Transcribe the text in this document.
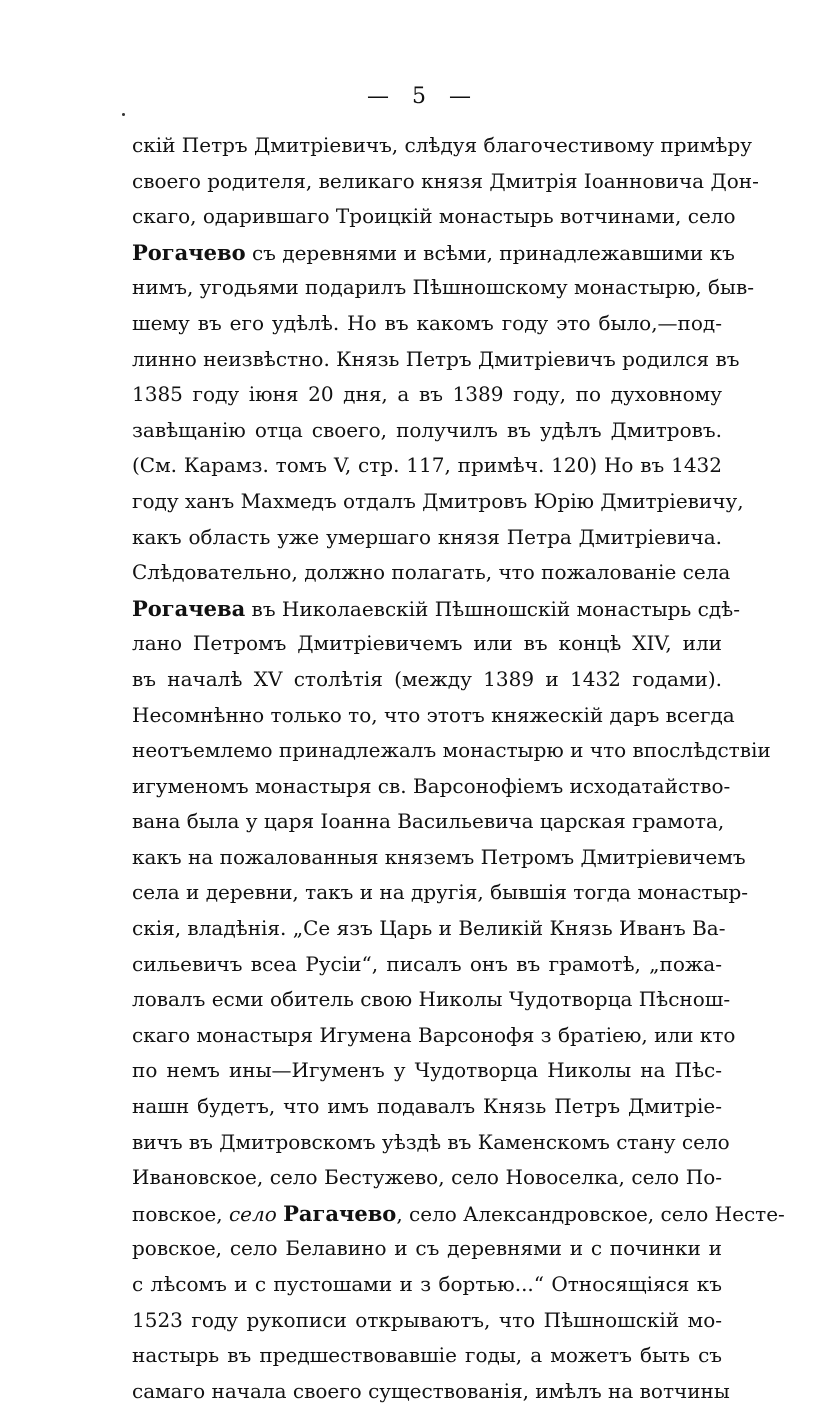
— 5 —
скій Петръ Дмитріевичъ, слѣдуя благочестивому примѣру
своего родителя, великаго князя Дмитрія Іоанновича Дон-
скаго, одарившаго Троицкій монастырь вотчинами, село
Рогачево съ деревнями и всѣми, принадлежавшими къ
нимъ, угодьями подарилъ Пѣшношскому монастырю, быв-
шему въ его удѣлѣ. Но въ какомъ году это было,—под-
линно неизвѣстно. Князь Петръ Дмитріевичъ родился въ
1385 году іюня 20 дня, а въ 1389 году, по духовному
завѣщанію отца своего, получилъ въ удѣлъ Дмитровъ.
(См. Карамз. томъ V, стр. 117, примѣч. 120) Но въ 1432
году ханъ Махмедъ отдалъ Дмитровъ Юрію Дмитріевичу,
какъ область уже умершаго князя Петра Дмитріевича.
Слѣдовательно, должно полагать, что пожалованіе села
Рогачева въ Николаевскій Пѣшношскій монастырь сдѣ-
лано Петромъ Дмитріевичемъ или въ концѣ XIV, или
въ началѣ XV столѣтія (между 1389 и 1432 годами).
Несомнѣнно только то, что этотъ княжескій даръ всегда
неотъемлемо принадлежалъ монастырю и что впослѣдствіи
игуменомъ монастыря св. Варсонофіемъ исходатайство-
вана была у царя Іоанна Васильевича царская грамота,
какъ на пожалованныя княземъ Петромъ Дмитріевичемъ
села и деревни, такъ и на другія, бывшія тогда монастыр-
скія, владѣнія. „Се язъ Царь и Великій Князь Иванъ Ва-
сильевичъ всеа Русіи“, писалъ онъ въ грамотѣ, „пожа-
ловалъ есми обитель свою Николы Чудотворца Пѣснош-
скаго монастыря Игумена Варсонофя з братiею, или кто
по немъ ины—Игуменъ у Чудотворца Николы на Пѣс-
нашн будетъ, что имъ подавалъ Князь Петръ Дмитріе-
вичъ въ Дмитровскомъ уѣздѣ въ Каменскомъ стану село
Ивановское, село Бестужево, село Новоселка, село По-
повское, село Рагачево, село Александровское, село Несте-
ровское, село Белавино и съ деревнями и с починки и
с лѣсомъ и с пустошами и з бортью...“ Относящіяся къ
1523 году рукописи открываютъ, что Пѣшношскій мо-
настырь въ предшествовавшіе годы, а можетъ быть съ
самаго начала своего существованія, имѣлъ на вотчины
